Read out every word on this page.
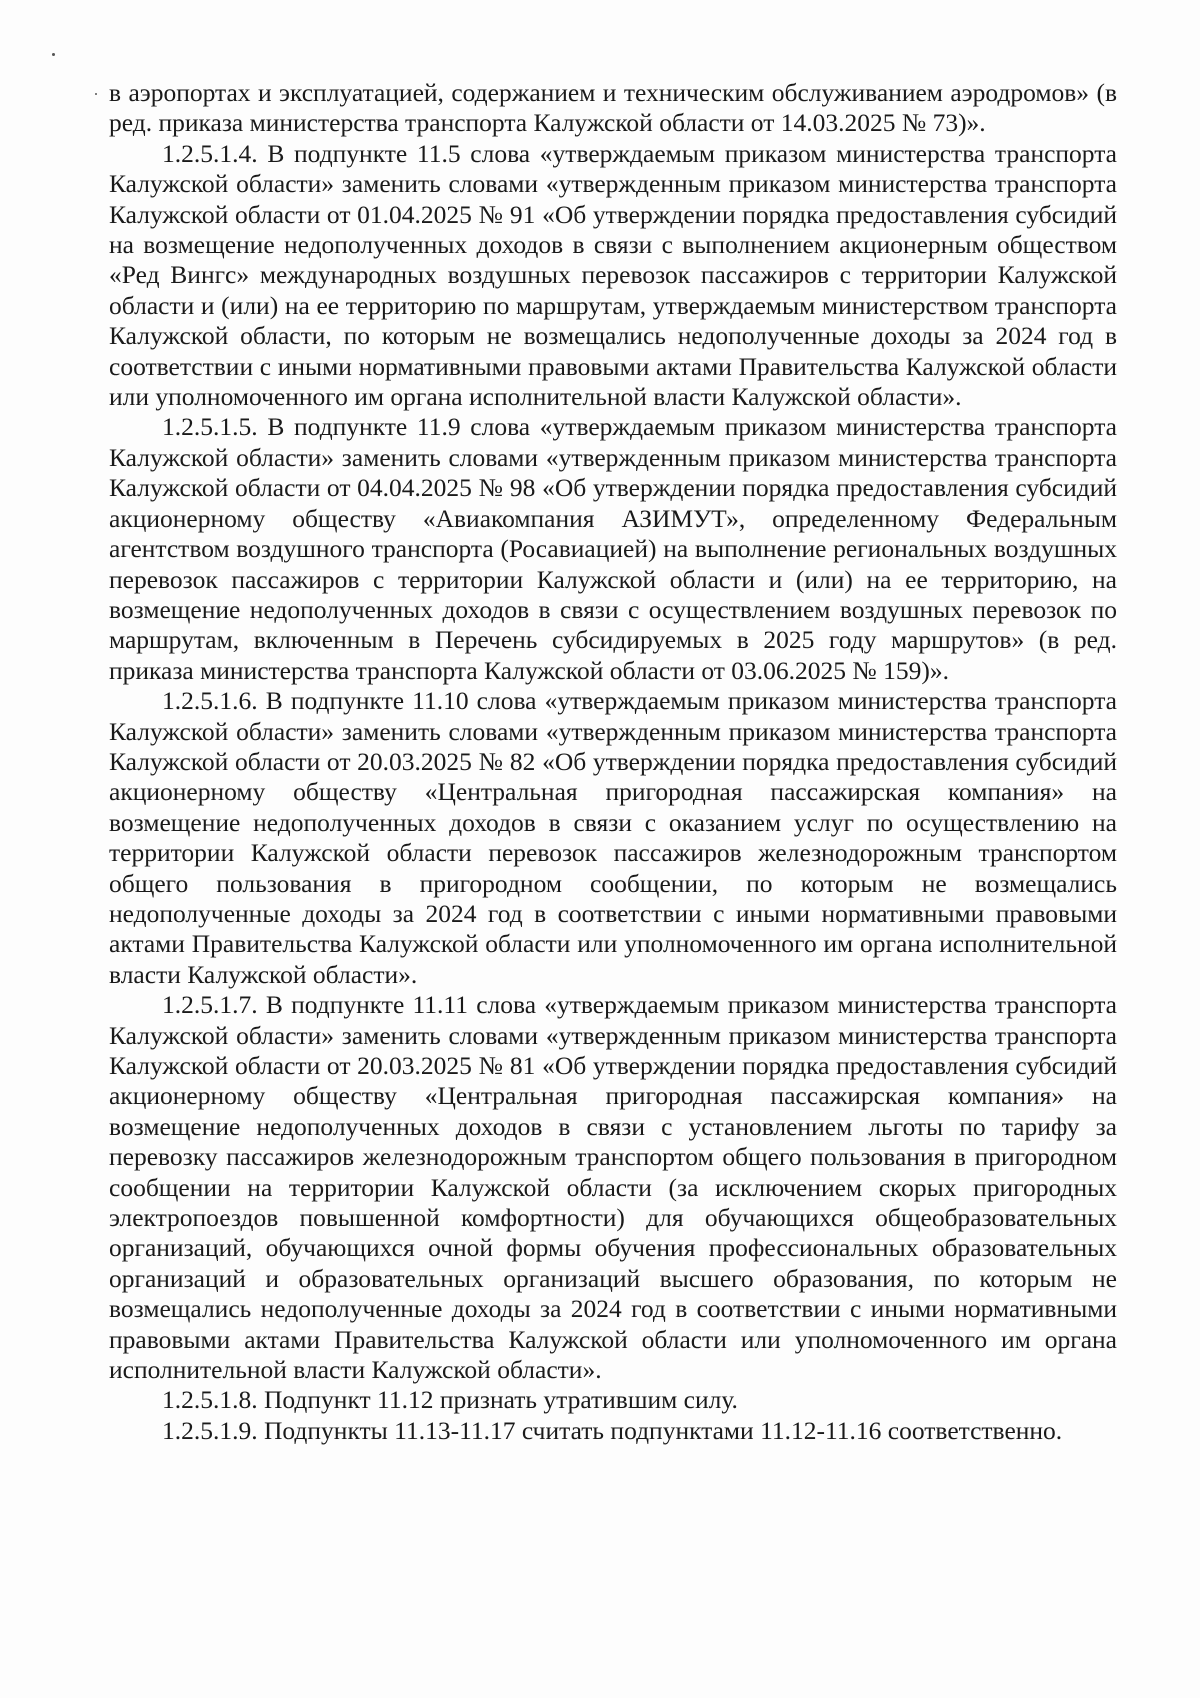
в аэропортах и эксплуатацией, содержанием и техническим обслуживанием аэродромов» (в ред. приказа министерства транспорта Калужской области от 14.03.2025 № 73)».

1.2.5.1.4. В подпункте 11.5 слова «утверждаемым приказом министерства транспорта Калужской области» заменить словами «утвержденным приказом министерства транспорта Калужской области от 01.04.2025 № 91 «Об утверждении порядка предоставления субсидий на возмещение недополученных доходов в связи с выполнением акционерным обществом «Ред Вингс» международных воздушных перевозок пассажиров с территории Калужской области и (или) на ее территорию по маршрутам, утверждаемым министерством транспорта Калужской области, по которым не возмещались недополученные доходы за 2024 год в соответствии с иными нормативными правовыми актами Правительства Калужской области или уполномоченного им органа исполнительной власти Калужской области».

1.2.5.1.5. В подпункте 11.9 слова «утверждаемым приказом министерства транспорта Калужской области» заменить словами «утвержденным приказом министерства транспорта Калужской области от 04.04.2025 № 98 «Об утверждении порядка предоставления субсидий акционерному обществу «Авиакомпания АЗИМУТ», определенному Федеральным агентством воздушного транспорта (Росавиацией) на выполнение региональных воздушных перевозок пассажиров с территории Калужской области и (или) на ее территорию, на возмещение недополученных доходов в связи с осуществлением воздушных перевозок по маршрутам, включенным в Перечень субсидируемых в 2025 году маршрутов» (в ред. приказа министерства транспорта Калужской области от 03.06.2025 № 159)».

1.2.5.1.6. В подпункте 11.10 слова «утверждаемым приказом министерства транспорта Калужской области» заменить словами «утвержденным приказом министерства транспорта Калужской области от 20.03.2025 № 82 «Об утверждении порядка предоставления субсидий акционерному обществу «Центральная пригородная пассажирская компания» на возмещение недополученных доходов в связи с оказанием услуг по осуществлению на территории Калужской области перевозок пассажиров железнодорожным транспортом общего пользования в пригородном сообщении, по которым не возмещались недополученные доходы за 2024 год в соответствии с иными нормативными правовыми актами Правительства Калужской области или уполномоченного им органа исполнительной власти Калужской области».

1.2.5.1.7. В подпункте 11.11 слова «утверждаемым приказом министерства транспорта Калужской области» заменить словами «утвержденным приказом министерства транспорта Калужской области от 20.03.2025 № 81 «Об утверждении порядка предоставления субсидий акционерному обществу «Центральная пригородная пассажирская компания» на возмещение недополученных доходов в связи с установлением льготы по тарифу за перевозку пассажиров железнодорожным транспортом общего пользования в пригородном сообщении на территории Калужской области (за исключением скорых пригородных электропоездов повышенной комфортности) для обучающихся общеобразовательных организаций, обучающихся очной формы обучения профессиональных образовательных организаций и образовательных организаций высшего образования, по которым не возмещались недополученные доходы за 2024 год в соответствии с иными нормативными правовыми актами Правительства Калужской области или уполномоченного им органа исполнительной власти Калужской области».

1.2.5.1.8. Подпункт 11.12 признать утратившим силу.

1.2.5.1.9. Подпункты 11.13-11.17 считать подпунктами 11.12-11.16 соответственно.
